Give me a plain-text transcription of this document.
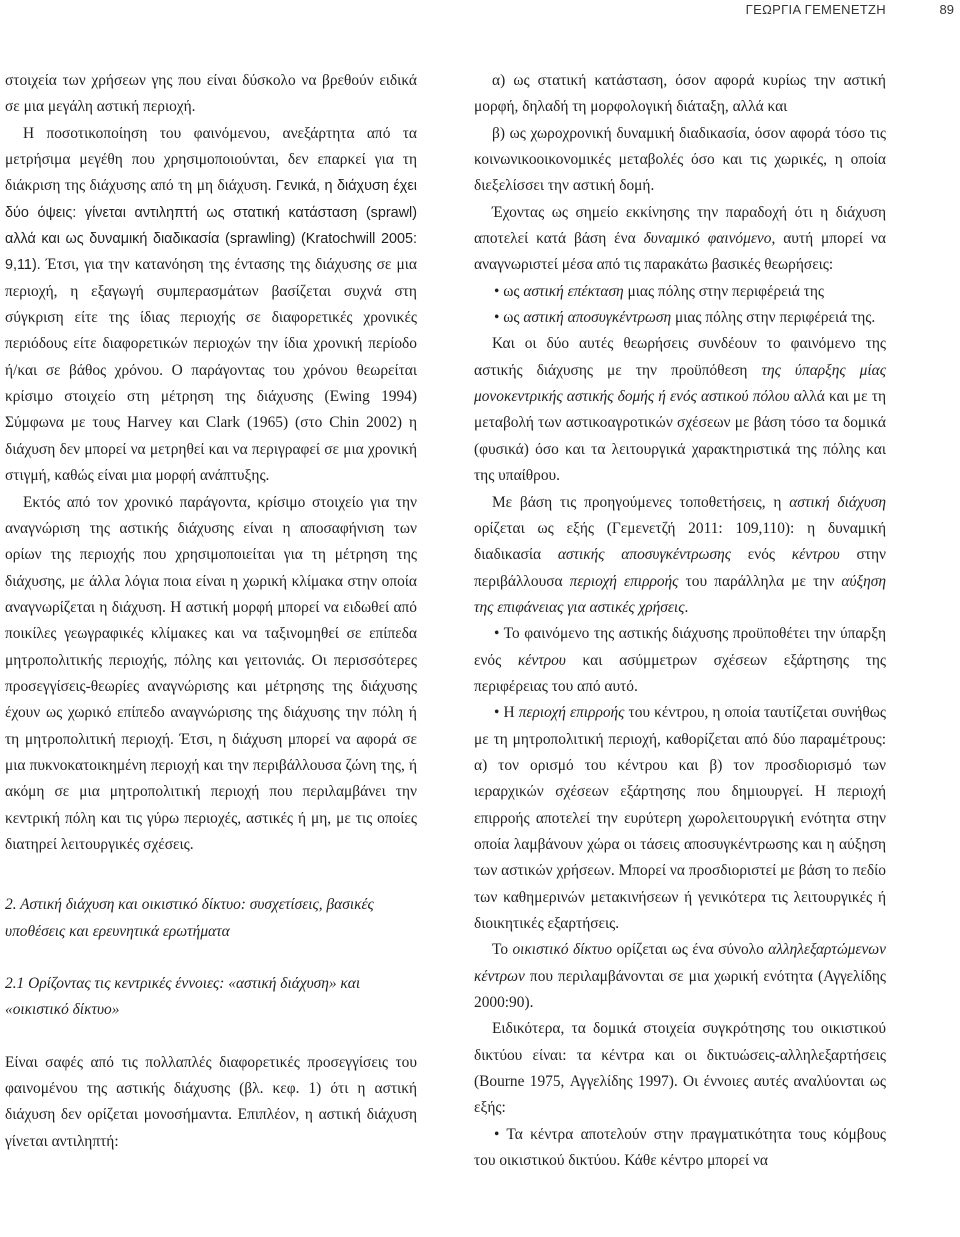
ΓΕΩΡΓΙΑ ΓΕΜΕΝΕΤΖΗ	89

στοιχεία των χρήσεων γης που είναι δύσκολο να βρεθούν ειδικά σε μια μεγάλη αστική περιοχή.

Η ποσοτικοποίηση του φαινόμενου, ανεξάρτητα από τα μετρήσιμα μεγέθη που χρησιμοποιούνται, δεν επαρκεί για τη διάκριση της διάχυσης από τη μη διάχυση. Γενικά, η διάχυση έχει δύο όψεις: γίνεται αντιληπτή ως στατική κατάσταση (sprawl) αλλά και ως δυναμική διαδικασία (sprawling) (Kratochwill 2005: 9,11). Έτσι, για την κατανόηση της έντασης της διάχυσης σε μια περιοχή, η εξαγωγή συμπερασμάτων βασίζεται συχνά στη σύγκριση είτε της ίδιας περιοχής σε διαφορετικές χρονικές περιόδους είτε διαφορετικών περιοχών την ίδια χρονική περίοδο ή/και σε βάθος χρόνου. Ο παράγοντας του χρόνου θεωρείται κρίσιμο στοιχείο στη μέτρηση της διάχυσης (Ewing 1994) Σύμφωνα με τους Harvey και Clark (1965) (στο Chin 2002) η διάχυση δεν μπορεί να μετρηθεί και να περιγραφεί σε μια χρονική στιγμή, καθώς είναι μια μορφή ανάπτυξης.

Εκτός από τον χρονικό παράγοντα, κρίσιμο στοιχείο για την αναγνώριση της αστικής διάχυσης είναι η αποσαφήνιση των ορίων της περιοχής που χρησιμοποιείται για τη μέτρηση της διάχυσης, με άλλα λόγια ποια είναι η χωρική κλίμακα στην οποία αναγνωρίζεται η διάχυση. Η αστική μορφή μπορεί να ειδωθεί από ποικίλες γεωγραφικές κλίμακες και να ταξινομηθεί σε επίπεδα μητροπολιτικής περιοχής, πόλης και γειτονιάς. Οι περισσότερες προσεγγίσεις-θεωρίες αναγνώρισης και μέτρησης της διάχυσης έχουν ως χωρικό επίπεδο αναγνώρισης της διάχυσης την πόλη ή τη μητροπολιτική περιοχή. Έτσι, η διάχυση μπορεί να αφορά σε μια πυκνοκατοικημένη περιοχή και την περιβάλλουσα ζώνη της, ή ακόμη σε μια μητροπολιτική περιοχή που περιλαμβάνει την κεντρική πόλη και τις γύρω περιοχές, αστικές ή μη, με τις οποίες διατηρεί λειτουργικές σχέσεις.

2. Αστική διάχυση και οικιστικό δίκτυο: συσχετίσεις, βασικές υποθέσεις και ερευνητικά ερωτήματα

2.1 Ορίζοντας τις κεντρικές έννοιες: «αστική διάχυση» και «οικιστικό δίκτυο»

Είναι σαφές από τις πολλαπλές διαφορετικές προσεγγίσεις του φαινομένου της αστικής διάχυσης (βλ. κεφ. 1) ότι η αστική διάχυση δεν ορίζεται μονοσήμαντα. Επιπλέον, η αστική διάχυση γίνεται αντιληπτή:

α) ως στατική κατάσταση, όσον αφορά κυρίως την αστική μορφή, δηλαδή τη μορφολογική διάταξη, αλλά και

β) ως χωροχρονική δυναμική διαδικασία, όσον αφορά τόσο τις κοινωνικοοικονομικές μεταβολές όσο και τις χωρικές, η οποία διεξελίσσει την αστική δομή.

Έχοντας ως σημείο εκκίνησης την παραδοχή ότι η διάχυση αποτελεί κατά βάση ένα δυναμικό φαινόμενο, αυτή μπορεί να αναγνωριστεί μέσα από τις παρακάτω βασικές θεωρήσεις:

• ως αστική επέκταση μιας πόλης στην περιφέρειά της

• ως αστική αποσυγκέντρωση μιας πόλης στην περιφέρειά της.

Και οι δύο αυτές θεωρήσεις συνδέουν το φαινόμενο της αστικής διάχυσης με την προϋπόθεση της ύπαρξης μίας μονοκεντρικής αστικής δομής ή ενός αστικού πόλου αλλά και με τη μεταβολή των αστικοαγροτικών σχέσεων με βάση τόσο τα δομικά (φυσικά) όσο και τα λειτουργικά χαρακτηριστικά της πόλης και της υπαίθρου.

Με βάση τις προηγούμενες τοποθετήσεις, η αστική διάχυση ορίζεται ως εξής (Γεμενετζή 2011: 109,110): η δυναμική διαδικασία αστικής αποσυγκέντρωσης ενός κέντρου στην περιβάλλουσα περιοχή επιρροής του παράλληλα με την αύξηση της επιφάνειας για αστικές χρήσεις.

• Το φαινόμενο της αστικής διάχυσης προϋποθέτει την ύπαρξη ενός κέντρου και ασύμμετρων σχέσεων εξάρτησης της περιφέρειας του από αυτό.

• Η περιοχή επιρροής του κέντρου, η οποία ταυτίζεται συνήθως με τη μητροπολιτική περιοχή, καθορίζεται από δύο παραμέτρους: α) τον ορισμό του κέντρου και β) τον προσδιορισμό των ιεραρχικών σχέσεων εξάρτησης που δημιουργεί. Η περιοχή επιρροής αποτελεί την ευρύτερη χωρολειτουργική ενότητα στην οποία λαμβάνουν χώρα οι τάσεις αποσυγκέντρωσης και η αύξηση των αστικών χρήσεων. Μπορεί να προσδιοριστεί με βάση το πεδίο των καθημερινών μετακινήσεων ή γενικότερα τις λειτουργικές ή διοικητικές εξαρτήσεις.

Το οικιστικό δίκτυο ορίζεται ως ένα σύνολο αλληλεξαρτώμενων κέντρων που περιλαμβάνονται σε μια χωρική ενότητα (Αγγελίδης 2000:90).

Ειδικότερα, τα δομικά στοιχεία συγκρότησης του οικιστικού δικτύου είναι: τα κέντρα και οι δικτυώσεις-αλληλεξαρτήσεις (Bourne 1975, Αγγελίδης 1997). Οι έννοιες αυτές αναλύονται ως εξής:

• Τα κέντρα αποτελούν στην πραγματικότητα τους κόμβους του οικιστικού δικτύου. Κάθε κέντρο μπορεί να
